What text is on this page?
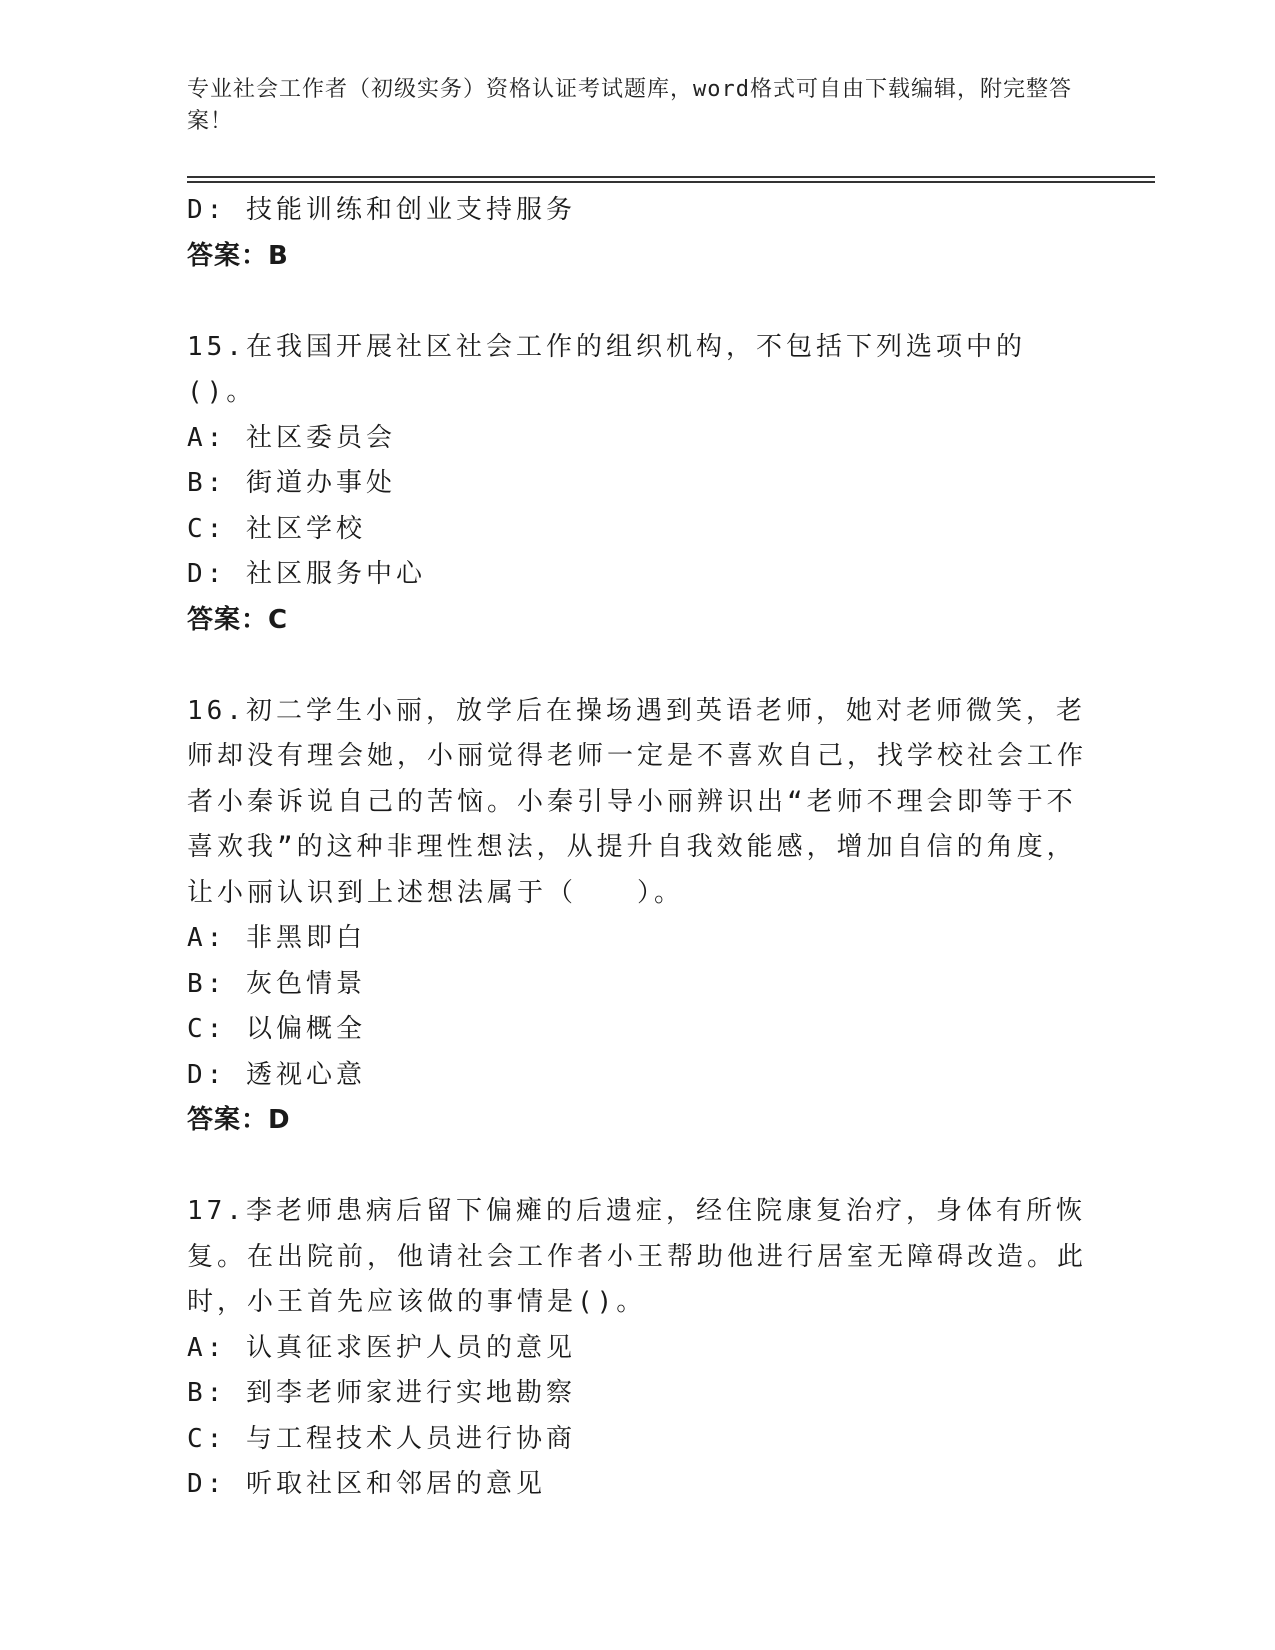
专业社会工作者（初级实务）资格认证考试题库，word格式可自由下载编辑，附完整答案！
D: 技能训练和创业支持服务
答案：B
15.在我国开展社区社会工作的组织机构，不包括下列选项中的()。
A: 社区委员会
B: 街道办事处
C: 社区学校
D: 社区服务中心
答案：C
16.初二学生小丽，放学后在操场遇到英语老师，她对老师微笑，老师却没有理会她，小丽觉得老师一定是不喜欢自己，找学校社会工作者小秦诉说自己的苦恼。小秦引导小丽辨识出“老师不理会即等于不喜欢我”的这种非理性想法，从提升自我效能感，增加自信的角度，让小丽认识到上述想法属于（　　）。
A: 非黑即白
B: 灰色情景
C: 以偏概全
D: 透视心意
答案：D
17.李老师患病后留下偏瘫的后遗症，经住院康复治疗，身体有所恢复。在出院前，他请社会工作者小王帮助他进行居室无障碍改造。此时，小王首先应该做的事情是()。
A: 认真征求医护人员的意见
B: 到李老师家进行实地勘察
C: 与工程技术人员进行协商
D: 听取社区和邻居的意见
